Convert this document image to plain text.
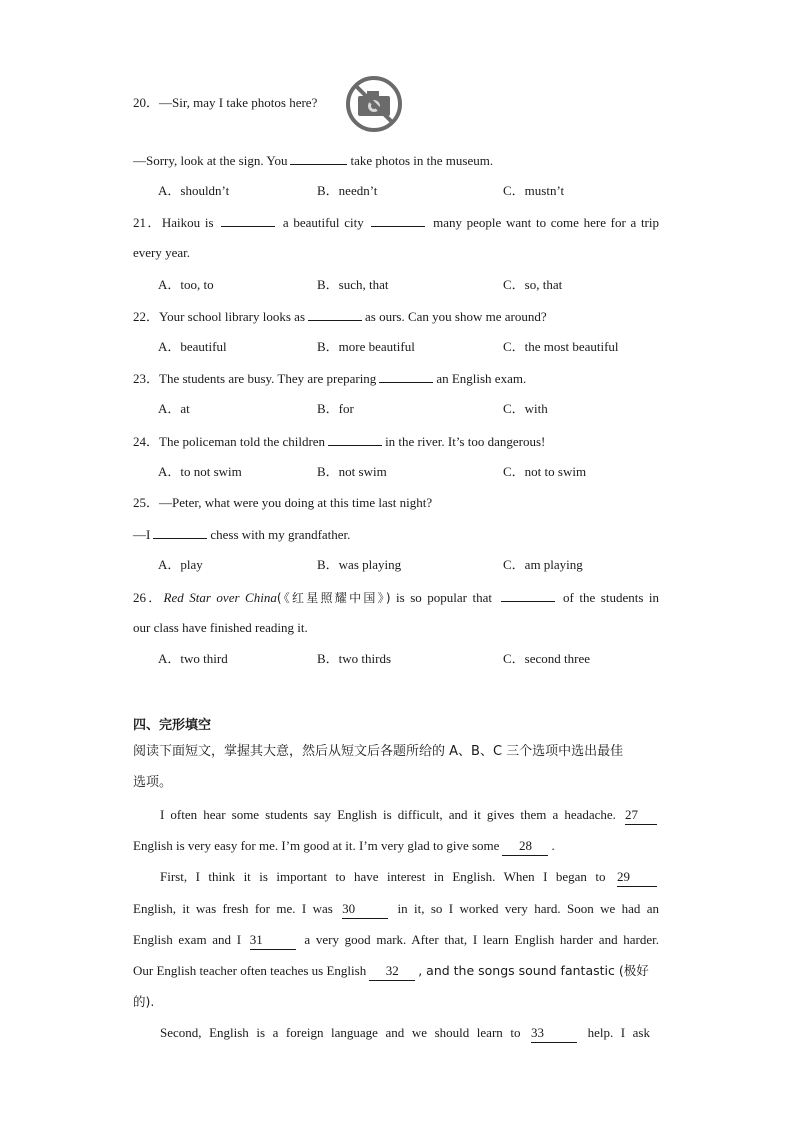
20．—Sir, may I take photos here?
—Sorry, look at the sign. You	take photos in the museum.
A．shouldn’t	B．needn’t	C．mustn’t
21．Haikou is	a beautiful city	many people want to come here for a trip
every year.
A．too, to	B．such, that	C．so, that
22．Your school library looks as	as ours. Can you show me around?
A．beautiful	B．more beautiful	C．the most beautiful
23．The students are busy. They are preparing	an English exam.
A．at	B．for	C．with
24．The policeman told the children	in the river. It’s too dangerous!
A．to not swim	B．not swim	C．not to swim
25．—Peter, what were you doing at this time last night?
—I	chess with my grandfather.
A．play	B．was playing	C．am playing
26．Red Star over China(《红星照耀中国》) is so popular that	of the students in
our class have finished reading it.
A．two third	B．two thirds	C．second three
四、完形填空
阅读下面短文，掌握其大意，然后从短文后各题所给的 A、B、C 三个选项中选出最佳
选项。
I often hear some students say English is difficult, and it gives them a headache. 27
English is very easy for me. I’m good at it. I’m very glad to give some 28 .
First, I think it is important to have interest in English. When I began to 29
English, it was fresh for me. I was 30	in it, so I worked very hard. Soon we had an
English exam and I 31	a very good mark. After that, I learn English harder and harder.
Our English teacher often teaches us English 32 , and the songs sound fantastic (极好
的).
Second, English is a foreign language and we should learn to 33	help. I ask
